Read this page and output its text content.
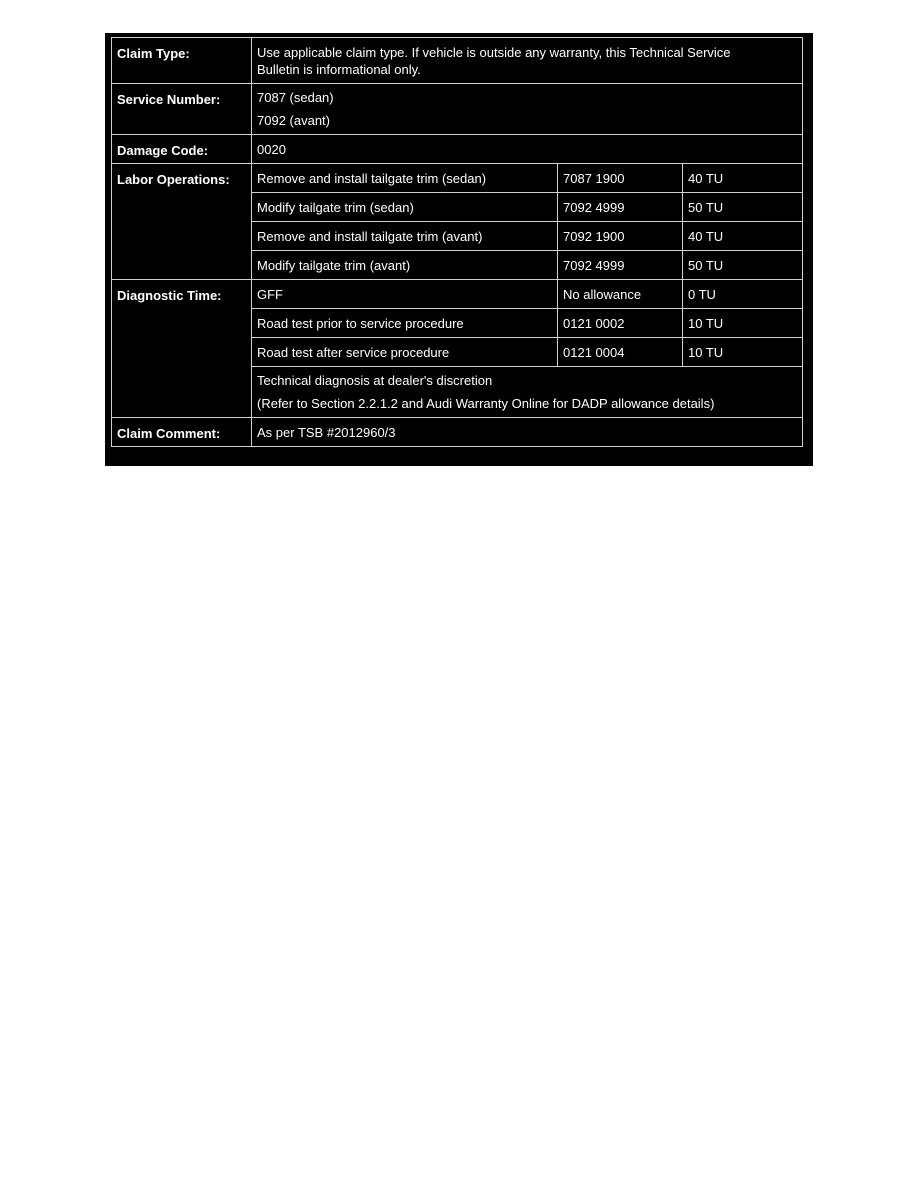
Claim Type:	Use applicable claim type. If vehicle is outside any warranty, this Technical Service
Bulletin is informational only.		

Service Number:	7087 (sedan)
7092 (avant)		

Damage Code:	0020		
Labor Operations:	Remove and install tailgate trim (sedan)	7087 1900	40 TU
	Modify tailgate trim (sedan)	7092 4999	50 TU
	Remove and install tailgate trim (avant)	7092 1900	40 TU
	Modify tailgate trim (avant)	7092 4999	50 TU
Diagnostic Time:	GFF	No allowance	0 TU
	Road test prior to service procedure	0121 0002	10 TU
	Road test after service procedure	0121 0004	10 TU

	Technical diagnosis at dealer's discretion
(Refer to Section 2.2.1.2 and Audi Warranty Online for DADP allowance details)		

Claim Comment:	As per TSB #2012960/3		
